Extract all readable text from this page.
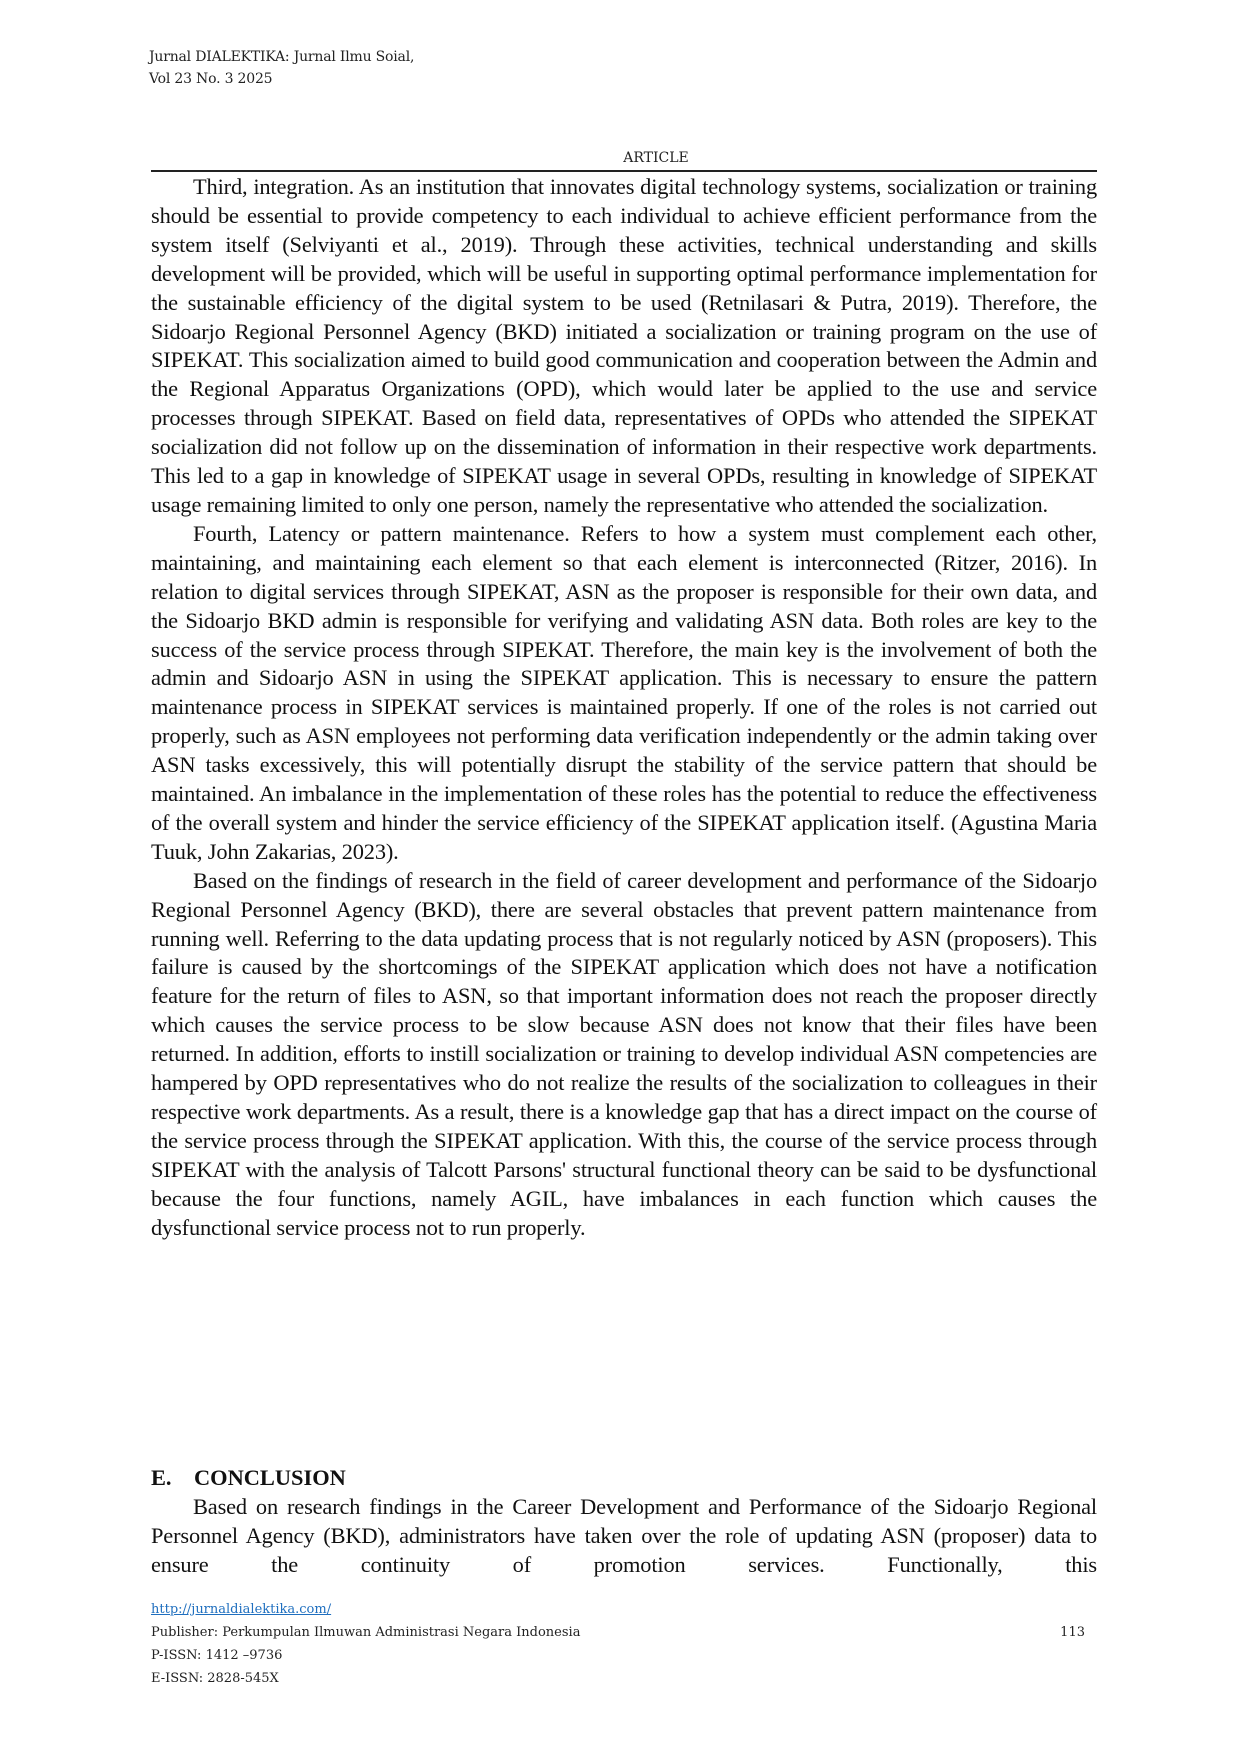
Jurnal DIALEKTIKA: Jurnal Ilmu Soial,
Vol 23 No. 3 2025
ARTICLE

Third, integration. As an institution that innovates digital technology systems, socialization or training should be essential to provide competency to each individual to achieve efficient performance from the system itself (Selviyanti et al., 2019). Through these activities, technical understanding and skills development will be provided, which will be useful in supporting optimal performance implementation for the sustainable efficiency of the digital system to be used (Retnilasari & Putra, 2019). Therefore, the Sidoarjo Regional Personnel Agency (BKD) initiated a socialization or training program on the use of SIPEKAT. This socialization aimed to build good communication and cooperation between the Admin and the Regional Apparatus Organizations (OPD), which would later be applied to the use and service processes through SIPEKAT. Based on field data, representatives of OPDs who attended the SIPEKAT socialization did not follow up on the dissemination of information in their respective work departments. This led to a gap in knowledge of SIPEKAT usage in several OPDs, resulting in knowledge of SIPEKAT usage remaining limited to only one person, namely the representative who attended the socialization.

Fourth, Latency or pattern maintenance. Refers to how a system must complement each other, maintaining, and maintaining each element so that each element is interconnected (Ritzer, 2016). In relation to digital services through SIPEKAT, ASN as the proposer is responsible for their own data, and the Sidoarjo BKD admin is responsible for verifying and validating ASN data. Both roles are key to the success of the service process through SIPEKAT. Therefore, the main key is the involvement of both the admin and Sidoarjo ASN in using the SIPEKAT application. This is necessary to ensure the pattern maintenance process in SIPEKAT services is maintained properly. If one of the roles is not carried out properly, such as ASN employees not performing data verification independently or the admin taking over ASN tasks excessively, this will potentially disrupt the stability of the service pattern that should be maintained. An imbalance in the implementation of these roles has the potential to reduce the effectiveness of the overall system and hinder the service efficiency of the SIPEKAT application itself. (Agustina Maria Tuuk, John Zakarias, 2023).

Based on the findings of research in the field of career development and performance of the Sidoarjo Regional Personnel Agency (BKD), there are several obstacles that prevent pattern maintenance from running well. Referring to the data updating process that is not regularly noticed by ASN (proposers). This failure is caused by the shortcomings of the SIPEKAT application which does not have a notification feature for the return of files to ASN, so that important information does not reach the proposer directly which causes the service process to be slow because ASN does not know that their files have been returned. In addition, efforts to instill socialization or training to develop individual ASN competencies are hampered by OPD representatives who do not realize the results of the socialization to colleagues in their respective work departments. As a result, there is a knowledge gap that has a direct impact on the course of the service process through the SIPEKAT application. With this, the course of the service process through SIPEKAT with the analysis of Talcott Parsons' structural functional theory can be said to be dysfunctional because the four functions, namely AGIL, have imbalances in each function which causes the dysfunctional service process not to run properly.

E. CONCLUSION

Based on research findings in the Career Development and Performance of the Sidoarjo Regional Personnel Agency (BKD), administrators have taken over the role of updating ASN (proposer) data to ensure the continuity of promotion services. Functionally, this

http://jurnaldialektika.com/
Publisher: Perkumpulan Ilmuwan Administrasi Negara Indonesia	113
P-ISSN: 1412 –9736
E-ISSN: 2828-545X
